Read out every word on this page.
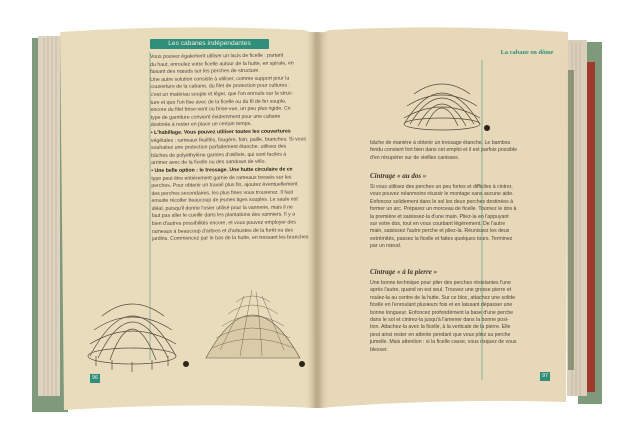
Les cabanes indépendantes
La cabane en dôme
Vous pouvez également utiliser un lacis de ficelle : partant
du haut, enroulez votre ficelle autour de la hutte, en spirale, en
faisant des nœuds sur les perches de structure.
Une autre solution consiste à utiliser, comme support pour la
couverture de la cabane, du filet de protection pour cultures :
c'est un matériau souple et léger, que l'on enroule sur la struc-
ture et que l'on fixe avec de la ficelle ou du fil de fer souple,
encore du filet brise-vent ou brise-vue, un peu plus rigide. Ce
type de garniture convient évidemment pour une cabane
destinée à rester en place un certain temps.
• L'habillage. Vous pouvez utiliser toutes les couvertures
végétales : rameaux feuillés, fougère, foin, paille, branches. Si vous
souhaitez une protection parfaitement étanche, utilisez des
bâches de polyéthylène garnies d'œillets, qui sont faciles à
arrimer avec de la ficelle ou des sandows de vélo.
• Une belle option : le tressage. Une hutte circulaire de ce
type peut être entièrement garnie de rameaux tressés sur les
perches. Pour obtenir un travail plus fin, ajoutez éventuellement
des perches secondaires, les plus fines vous trouverez. Il faut
ensuite récolter beaucoup de jeunes tiges souples. Le saule est
idéal, puisqu'il donne l'osier utilisé pour la vannerie, mais il ne
faut pas aller le cueillir dans les plantations des vanniers. Il y a
bien d'autres possibilités encore, et vous pouvez employer des
rameaux à beaucoup d'arbres et d'arbustes de la forêt ou des
jardins. Commencez par le bas de la hutte, en tressant les branches
bâche de manière à obtenir un tressage étanche. Le bambou
fendu convient fort bien dans cet emploi et il est parfois possible
d'en récupérer sur de vieilles canisses.
Cintrage « au dos »
Si vous utilisez des perches un peu fortes et difficiles à cintrer,
vous pouvez néanmoins réussir le montage sans aucune aide.
Enfoncez solidement dans le sol les deux perches destinées à
former un arc. Préparez un morceau de ficelle. Tournez le dos à
la première et saisissez-la d'une main. Pliez-la en l'appuyant
sur votre dos, tout en vous courbant légèrement. De l'autre
main, saisissez l'autre perche et pliez-la. Réunissez les deux
extrémités, passez la ficelle et faites quelques tours. Terminez
par un nœud.
Cintrage « à la pierre »
Une bonne technique pour plier des perches résistantes l'une
après l'autre, quand on est seul. Trouvez une grosse pierre et
roulez-la au centre de la hutte. Sur ce bloc, attachez une solide
ficelle en l'enroulant plusieurs fois et en laissant dépasser une
bonne longueur. Enfoncez profondément la base d'une perche
dans le sol et cintrez-la jusqu'à l'amener dans la bonne posi-
tion. Attachez-la avec la ficelle, à la verticale de la pierre. Elle
peut ainsi rester en attente pendant que vous pliez sa perche
jumelle. Mais attention : si la ficelle casse, vous risquez de vous
blesser.
96	97
